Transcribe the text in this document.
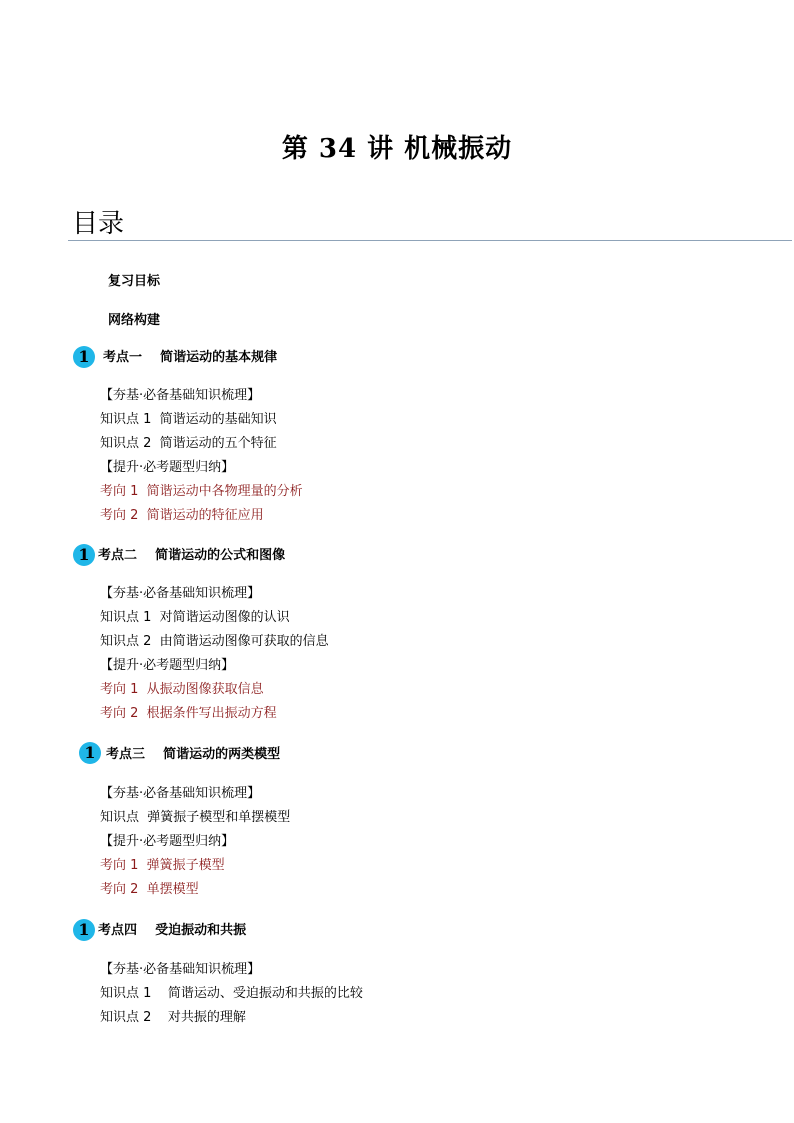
第 34 讲 机械振动
目录
复习目标
网络构建
1	考点一    简谐运动的基本规律
【夯基·必备基础知识梳理】
知识点 1  简谐运动的基础知识
知识点 2  简谐运动的五个特征
【提升·必考题型归纳】
考向 1  简谐运动中各物理量的分析
考向 2  简谐运动的特征应用
1 考点二    简谐运动的公式和图像
【夯基·必备基础知识梳理】
知识点 1  对简谐运动图像的认识
知识点 2  由简谐运动图像可获取的信息
【提升·必考题型归纳】
考向 1  从振动图像获取信息
考向 2  根据条件写出振动方程
1 考点三    简谐运动的两类模型
【夯基·必备基础知识梳理】
知识点  弹簧振子模型和单摆模型
【提升·必考题型归纳】
考向 1  弹簧振子模型
考向 2  单摆模型
1 考点四    受迫振动和共振
【夯基·必备基础知识梳理】
知识点 1    简谐运动、受迫振动和共振的比较
知识点 2    对共振的理解
